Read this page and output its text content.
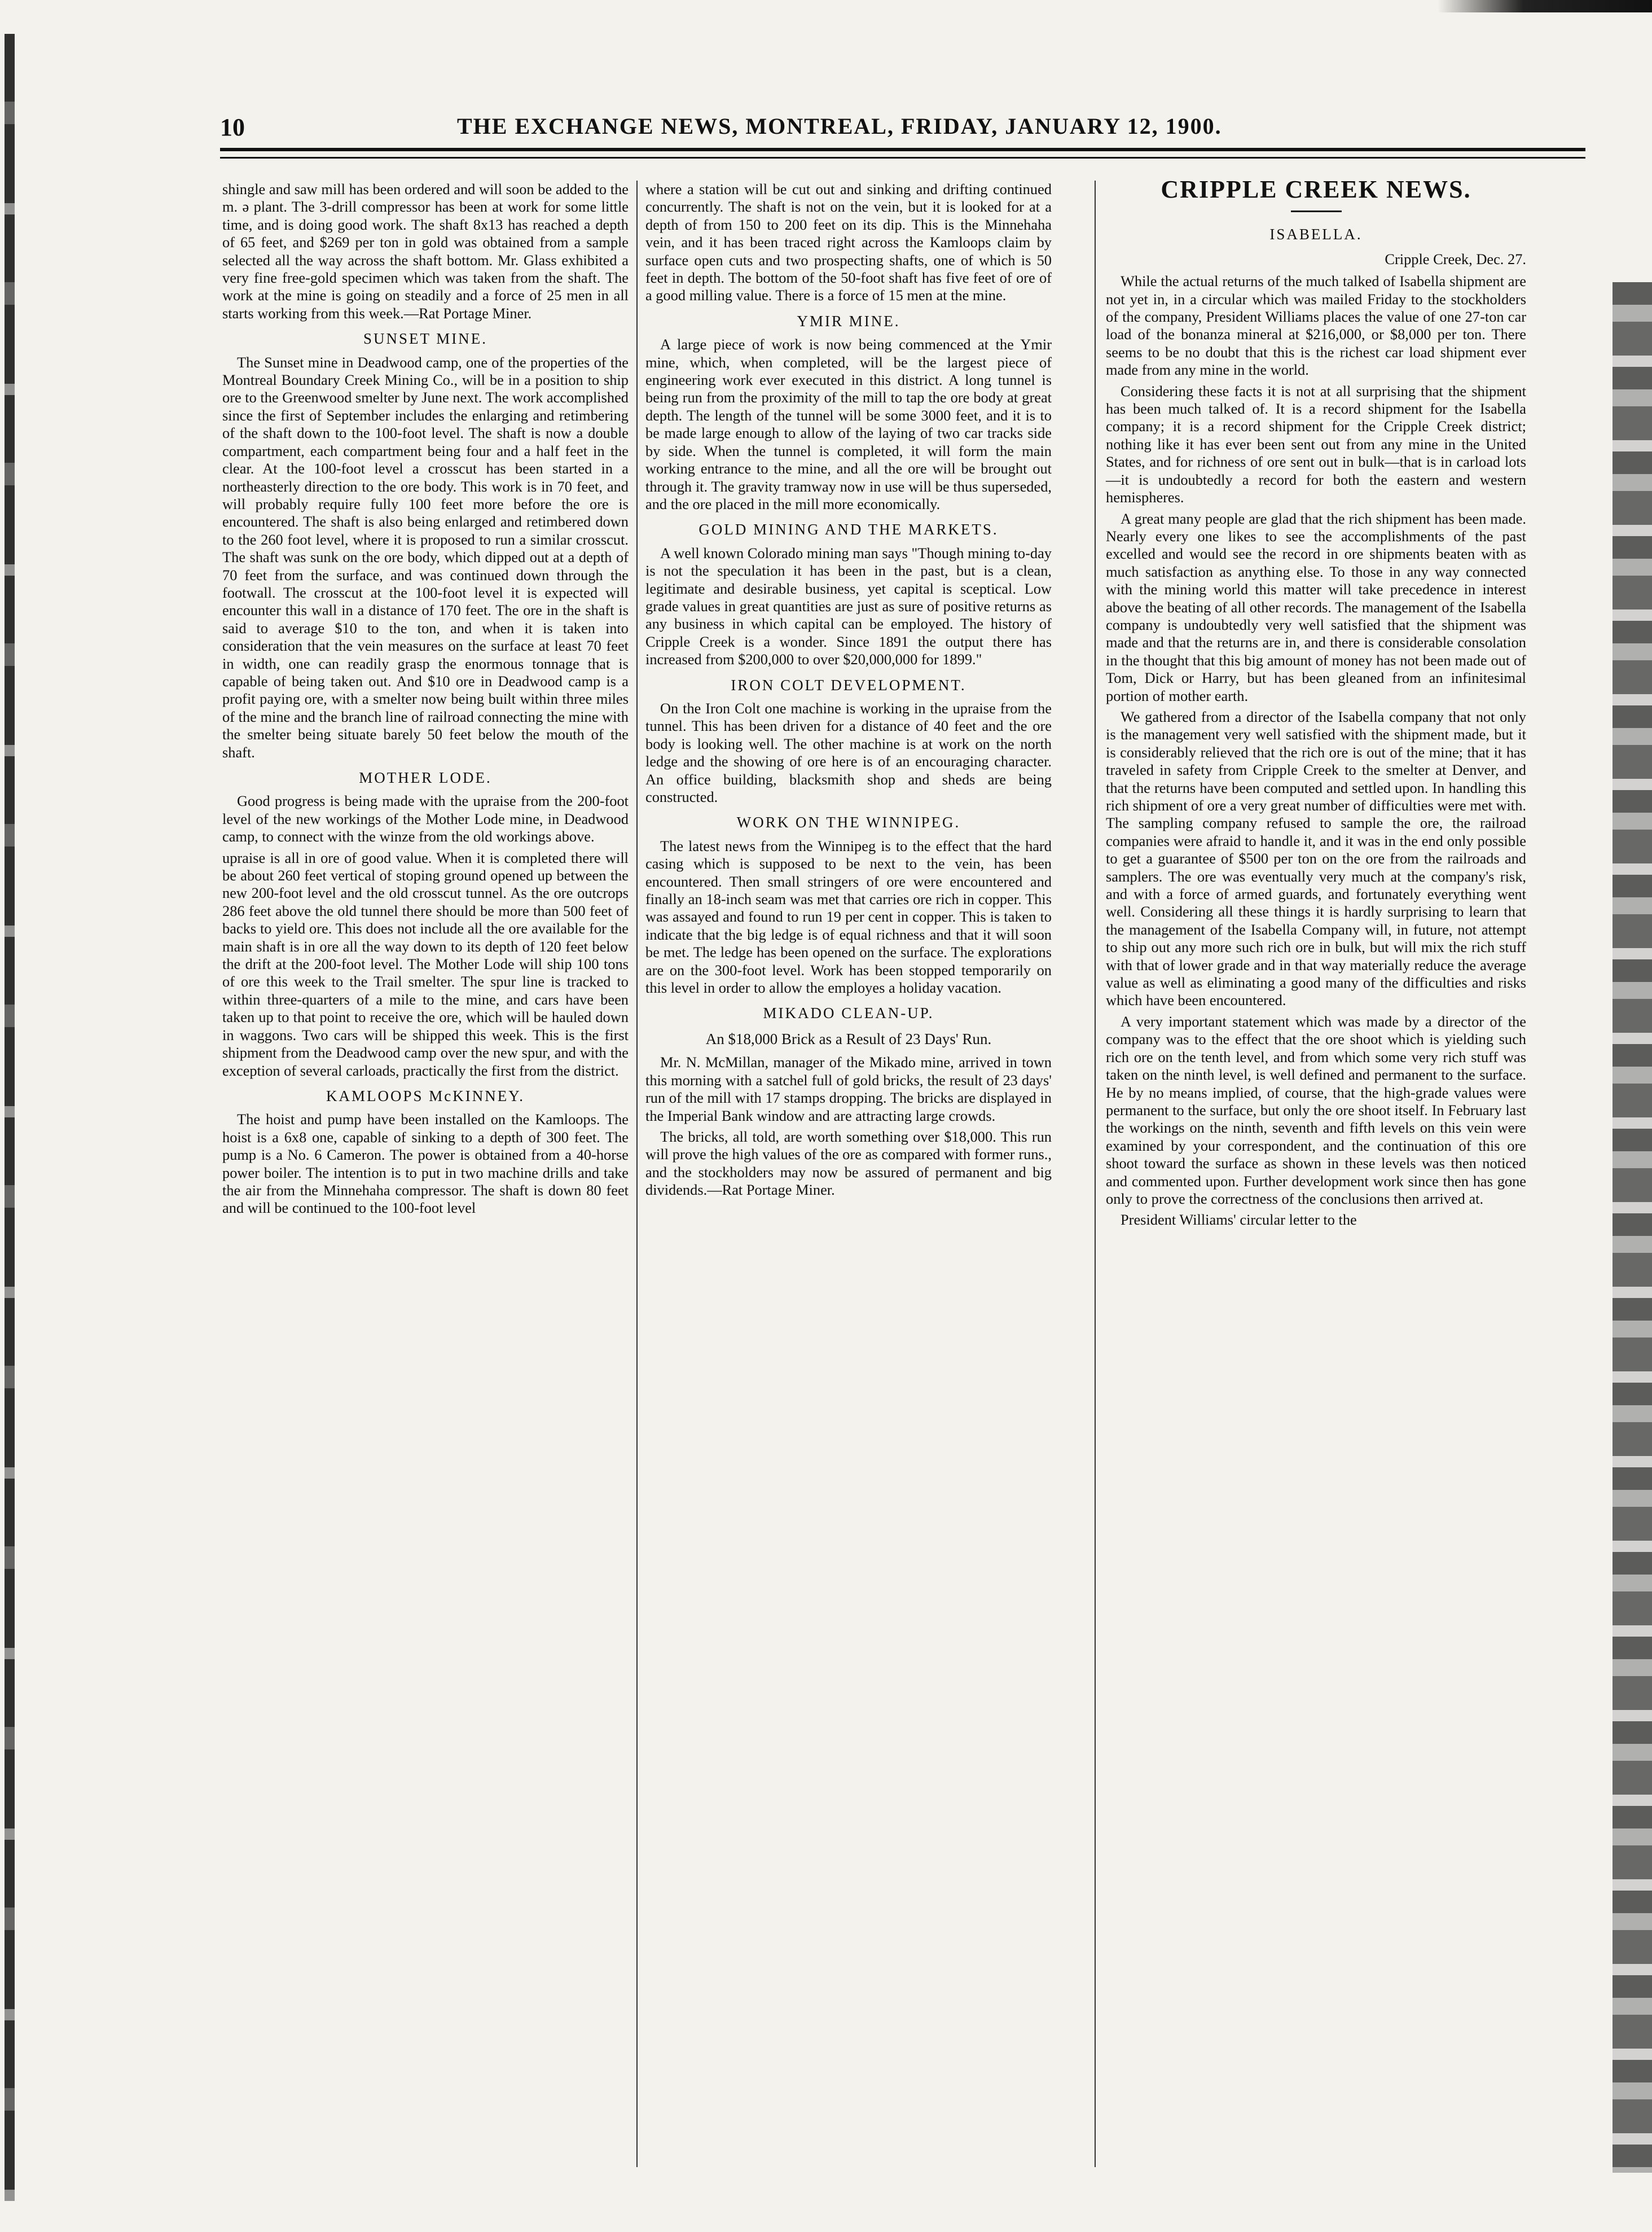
10	THE EXCHANGE NEWS, MONTREAL, FRIDAY, JANUARY 12, 1900.

shingle and saw mill has been ordered and will soon be added to the m. ə plant. The 3-drill compressor has been at work for some little time, and is doing good work. The shaft 8x13 has reached a depth of 65 feet, and $269 per ton in gold was obtained from a sample selected all the way across the shaft bottom. Mr. Glass exhibited a very fine free-gold specimen which was taken from the shaft. The work at the mine is going on steadily and a force of 25 men in all starts working from this week.—Rat Portage Miner.

SUNSET MINE.

The Sunset mine in Deadwood camp, one of the properties of the Montreal Boundary Creek Mining Co., will be in a position to ship ore to the Greenwood smelter by June next. The work accomplished since the first of September includes the enlarging and retimbering of the shaft down to the 100-foot level. The shaft is now a double compartment, each compartment being four and a half feet in the clear. At the 100-foot level a crosscut has been started in a northeasterly direction to the ore body. This work is in 70 feet, and will probably require fully 100 feet more before the ore is encountered. The shaft is also being enlarged and retimbered down to the 260 foot level, where it is proposed to run a similar crosscut. The shaft was sunk on the ore body, which dipped out at a depth of 70 feet from the surface, and was continued down through the footwall. The crosscut at the 100-foot level it is expected will encounter this wall in a distance of 170 feet. The ore in the shaft is said to average $10 to the ton, and when it is taken into consideration that the vein measures on the surface at least 70 feet in width, one can readily grasp the enormous tonnage that is capable of being taken out. And $10 ore in Deadwood camp is a profit paying ore, with a smelter now being built within three miles of the mine and the branch line of railroad connecting the mine with the smelter being situate barely 50 feet below the mouth of the shaft.

MOTHER LODE.

Good progress is being made with the upraise from the 200-foot level of the new workings of the Mother Lode mine, in Deadwood camp, to connect with the winze from the old workings above.

upraise is all in ore of good value. When it is completed there will be about 260 feet vertical of stoping ground opened up between the new 200-foot level and the old crosscut tunnel. As the ore outcrops 286 feet above the old tunnel there should be more than 500 feet of backs to yield ore. This does not include all the ore available for the main shaft is in ore all the way down to its depth of 120 feet below the drift at the 200-foot level. The Mother Lode will ship 100 tons of ore this week to the Trail smelter. The spur line is tracked to within three-quarters of a mile to the mine, and cars have been taken up to that point to receive the ore, which will be hauled down in waggons. Two cars will be shipped this week. This is the first shipment from the Deadwood camp over the new spur, and with the exception of several carloads, practically the first from the district.

KAMLOOPS McKINNEY.

The hoist and pump have been installed on the Kamloops. The hoist is a 6x8 one, capable of sinking to a depth of 300 feet. The pump is a No. 6 Cameron. The power is obtained from a 40-horse power boiler. The intention is to put in two machine drills and take the air from the Minnehaha compressor. The shaft is down 80 feet and will be continued to the 100-foot level

where a station will be cut out and sinking and drifting continued concurrently. The shaft is not on the vein, but it is looked for at a depth of from 150 to 200 feet on its dip. This is the Minnehaha vein, and it has been traced right across the Kamloops claim by surface open cuts and two prospecting shafts, one of which is 50 feet in depth. The bottom of the 50-foot shaft has five feet of ore of a good milling value. There is a force of 15 men at the mine.

YMIR MINE.

A large piece of work is now being commenced at the Ymir mine, which, when completed, will be the largest piece of engineering work ever executed in this district. A long tunnel is being run from the proximity of the mill to tap the ore body at great depth. The length of the tunnel will be some 3000 feet, and it is to be made large enough to allow of the laying of two car tracks side by side. When the tunnel is completed, it will form the main working entrance to the mine, and all the ore will be brought out through it. The gravity tramway now in use will be thus superseded, and the ore placed in the mill more economically.

GOLD MINING AND THE MARKETS.

A well known Colorado mining man says "Though mining to-day is not the speculation it has been in the past, but is a clean, legitimate and desirable business, yet capital is sceptical. Low grade values in great quantities are just as sure of positive returns as any business in which capital can be employed. The history of Cripple Creek is a wonder. Since 1891 the output there has increased from $200,000 to over $20,000,000 for 1899."

IRON COLT DEVELOPMENT.

On the Iron Colt one machine is working in the upraise from the tunnel. This has been driven for a distance of 40 feet and the ore body is looking well. The other machine is at work on the north ledge and the showing of ore here is of an encouraging character. An office building, blacksmith shop and sheds are being constructed.

WORK ON THE WINNIPEG.

The latest news from the Winnipeg is to the effect that the hard casing which is supposed to be next to the vein, has been encountered. Then small stringers of ore were encountered and finally an 18-inch seam was met that carries ore rich in copper. This was assayed and found to run 19 per cent in copper. This is taken to indicate that the big ledge is of equal richness and that it will soon be met. The ledge has been opened on the surface. The explorations are on the 300-foot level. Work has been stopped temporarily on this level in order to allow the employes a holiday vacation.

MIKADO CLEAN-UP.
An $18,000 Brick as a Result of 23 Days' Run.

Mr. N. McMillan, manager of the Mikado mine, arrived in town this morning with a satchel full of gold bricks, the result of 23 days' run of the mill with 17 stamps dropping. The bricks are displayed in the Imperial Bank window and are attracting large crowds.

The bricks, all told, are worth something over $18,000. This run will prove the high values of the ore as compared with former runs., and the stockholders may now be assured of permanent and big dividends.—Rat Portage Miner.

CRIPPLE CREEK NEWS.
ISABELLA.
Cripple Creek, Dec. 27.

While the actual returns of the much talked of Isabella shipment are not yet in, in a circular which was mailed Friday to the stockholders of the company, President Williams places the value of one 27-ton car load of the bonanza mineral at $216,000, or $8,000 per ton. There seems to be no doubt that this is the richest car load shipment ever made from any mine in the world.

Considering these facts it is not at all surprising that the shipment has been much talked of. It is a record shipment for the Isabella company; it is a record shipment for the Cripple Creek district; nothing like it has ever been sent out from any mine in the United States, and for richness of ore sent out in bulk—that is in carload lots—it is undoubtedly a record for both the eastern and western hemispheres.

A great many people are glad that the rich shipment has been made. Nearly every one likes to see the accomplishments of the past excelled and would see the record in ore shipments beaten with as much satisfaction as anything else. To those in any way connected with the mining world this matter will take precedence in interest above the beating of all other records. The management of the Isabella company is undoubtedly very well satisfied that the shipment was made and that the returns are in, and there is considerable consolation in the thought that this big amount of money has not been made out of Tom, Dick or Harry, but has been gleaned from an infinitesimal portion of mother earth.

We gathered from a director of the Isabella company that not only is the management very well satisfied with the shipment made, but it is considerably relieved that the rich ore is out of the mine; that it has traveled in safety from Cripple Creek to the smelter at Denver, and that the returns have been computed and settled upon. In handling this rich shipment of ore a very great number of difficulties were met with. The sampling company refused to sample the ore, the railroad companies were afraid to handle it, and it was in the end only possible to get a guarantee of $500 per ton on the ore from the railroads and samplers. The ore was eventually very much at the company's risk, and with a force of armed guards, and fortunately everything went well. Considering all these things it is hardly surprising to learn that the management of the Isabella Company will, in future, not attempt to ship out any more such rich ore in bulk, but will mix the rich stuff with that of lower grade and in that way materially reduce the average value as well as eliminating a good many of the difficulties and risks which have been encountered.

A very important statement which was made by a director of the company was to the effect that the ore shoot which is yielding such rich ore on the tenth level, and from which some very rich stuff was taken on the ninth level, is well defined and permanent to the surface. He by no means implied, of course, that the high-grade values were permanent to the surface, but only the ore shoot itself. In February last the workings on the ninth, seventh and fifth levels on this vein were examined by your correspondent, and the continuation of this ore shoot toward the surface as shown in these levels was then noticed and commented upon. Further development work since then has gone only to prove the correctness of the conclusions then arrived at.

President Williams' circular letter to the
